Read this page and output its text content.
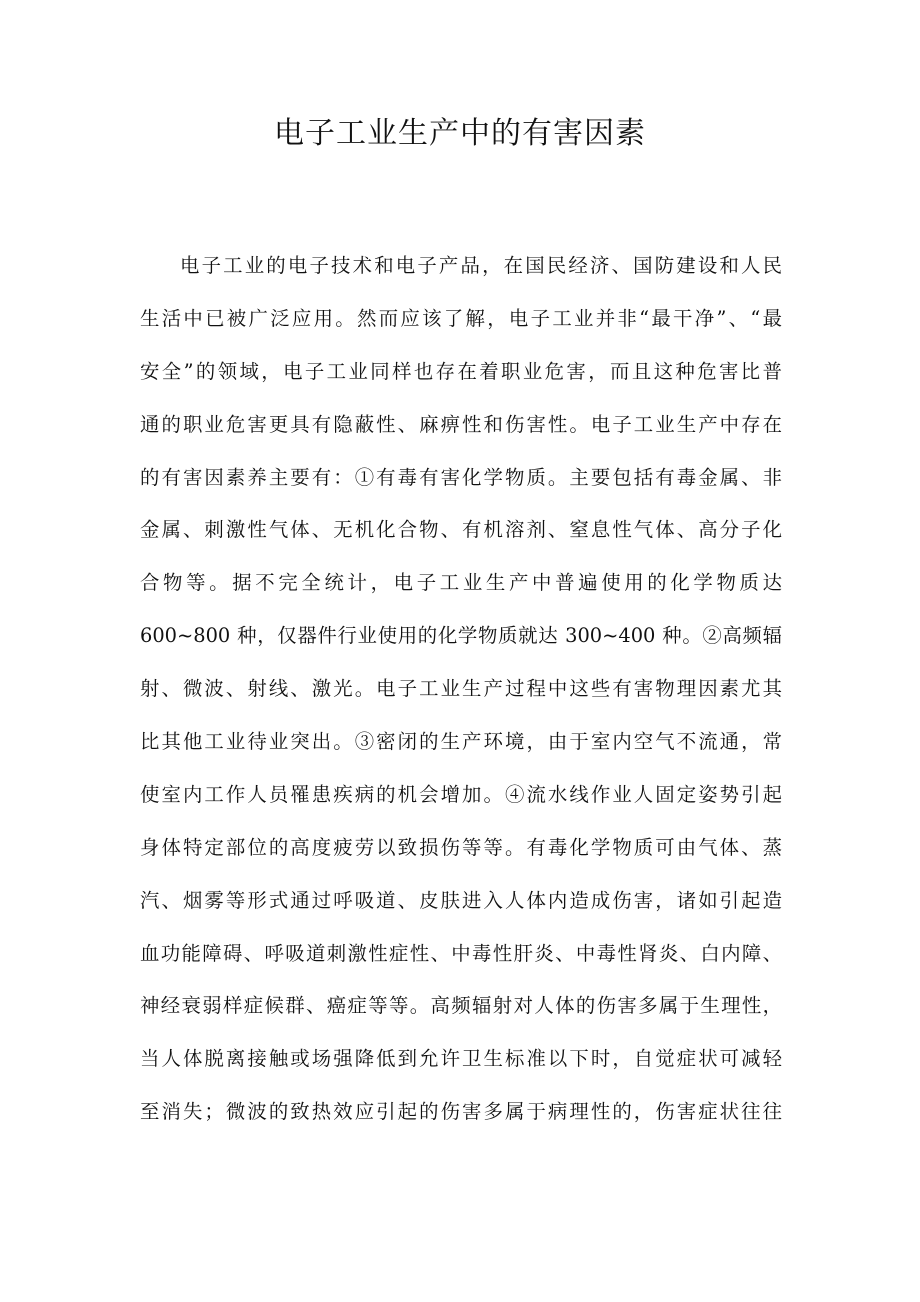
电子工业生产中的有害因素
电子工业的电子技术和电子产品，在国民经济、国防建设和人民
生活中已被广泛应用。然而应该了解，电子工业并非“最干净”、“最
安全”的领域，电子工业同样也存在着职业危害，而且这种危害比普
通的职业危害更具有隐蔽性、麻痹性和伤害性。电子工业生产中存在
的有害因素养主要有：①有毒有害化学物质。主要包括有毒金属、非
金属、刺激性气体、无机化合物、有机溶剂、窒息性气体、高分子化
合物等。据不完全统计，电子工业生产中普遍使用的化学物质达
600~800 种，仅器件行业使用的化学物质就达 300~400 种。②高频辐
射、微波、射线、激光。电子工业生产过程中这些有害物理因素尤其
比其他工业待业突出。③密闭的生产环境，由于室内空气不流通，常
使室内工作人员罹患疾病的机会增加。④流水线作业人固定姿势引起
身体特定部位的高度疲劳以致损伤等等。有毒化学物质可由气体、蒸
汽、烟雾等形式通过呼吸道、皮肤进入人体内造成伤害，诸如引起造
血功能障碍、呼吸道刺激性症性、中毒性肝炎、中毒性肾炎、白内障、
神经衰弱样症候群、癌症等等。高频辐射对人体的伤害多属于生理性，
当人体脱离接触或场强降低到允许卫生标准以下时，自觉症状可减轻
至消失；微波的致热效应引起的伤害多属于病理性的，伤害症状往往
